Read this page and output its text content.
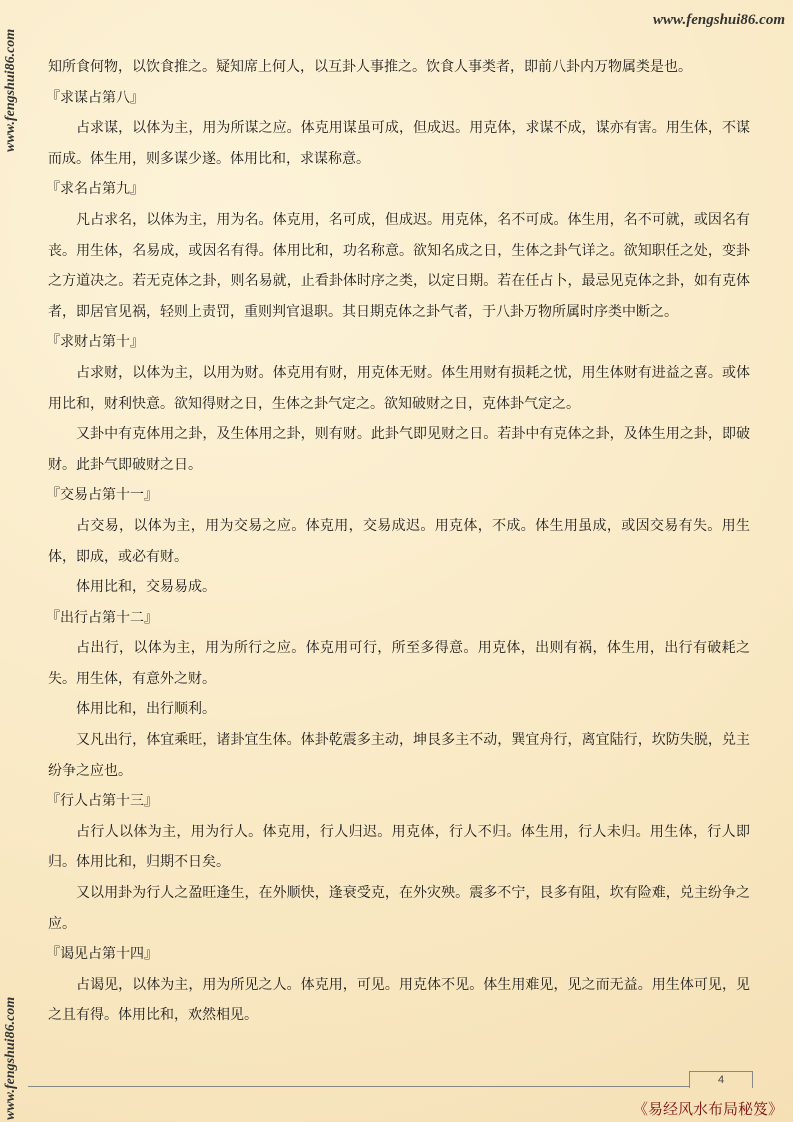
www.fengshui86.com
www.fengshui86.com
www.fengshui86.com

知所食何物，以饮食推之。疑知席上何人，以互卦人事推之。饮食人事类者，即前八卦内万物属类是也。

『求谋占第八』

占求谋，以体为主，用为所谋之应。体克用谋虽可成，但成迟。用克体，求谋不成，谋亦有害。用生体，不谋而成。体生用，则多谋少遂。体用比和，求谋称意。

『求名占第九』

凡占求名，以体为主，用为名。体克用，名可成，但成迟。用克体，名不可成。体生用，名不可就，或因名有丧。用生体，名易成，或因名有得。体用比和，功名称意。欲知名成之日，生体之卦气详之。欲知职任之处，变卦之方道决之。若无克体之卦，则名易就，止看卦体时序之类，以定日期。若在任占卜，最忌见克体之卦，如有克体者，即居官见祸，轻则上责罚，重则判官退职。其日期克体之卦气者，于八卦万物所属时序类中断之。

『求财占第十』

占求财，以体为主，以用为财。体克用有财，用克体无财。体生用财有损耗之忧，用生体财有进益之喜。或体用比和，财利快意。欲知得财之日，生体之卦气定之。欲知破财之日，克体卦气定之。

又卦中有克体用之卦，及生体用之卦，则有财。此卦气即见财之日。若卦中有克体之卦，及体生用之卦，即破财。此卦气即破财之日。

『交易占第十一』

占交易，以体为主，用为交易之应。体克用，交易成迟。用克体，不成。体生用虽成，或因交易有失。用生体，即成，或必有财。

体用比和，交易易成。

『出行占第十二』

占出行，以体为主，用为所行之应。体克用可行，所至多得意。用克体，出则有祸，体生用，出行有破耗之失。用生体，有意外之财。

体用比和，出行顺利。

又凡出行，体宜乘旺，诸卦宜生体。体卦乾震多主动，坤艮多主不动，巽宜舟行，离宜陆行，坎防失脱，兑主纷争之应也。

『行人占第十三』

占行人以体为主，用为行人。体克用，行人归迟。用克体，行人不归。体生用，行人未归。用生体，行人即归。体用比和，归期不日矣。

又以用卦为行人之盈旺逢生，在外顺快，逢衰受克，在外灾殃。震多不宁，艮多有阻，坎有险难，兑主纷争之应。

『谒见占第十四』

占谒见，以体为主，用为所见之人。体克用，可见。用克体不见。体生用难见，见之而无益。用生体可见，见之且有得。体用比和，欢然相见。

4
《易经风水布局秘笈》
